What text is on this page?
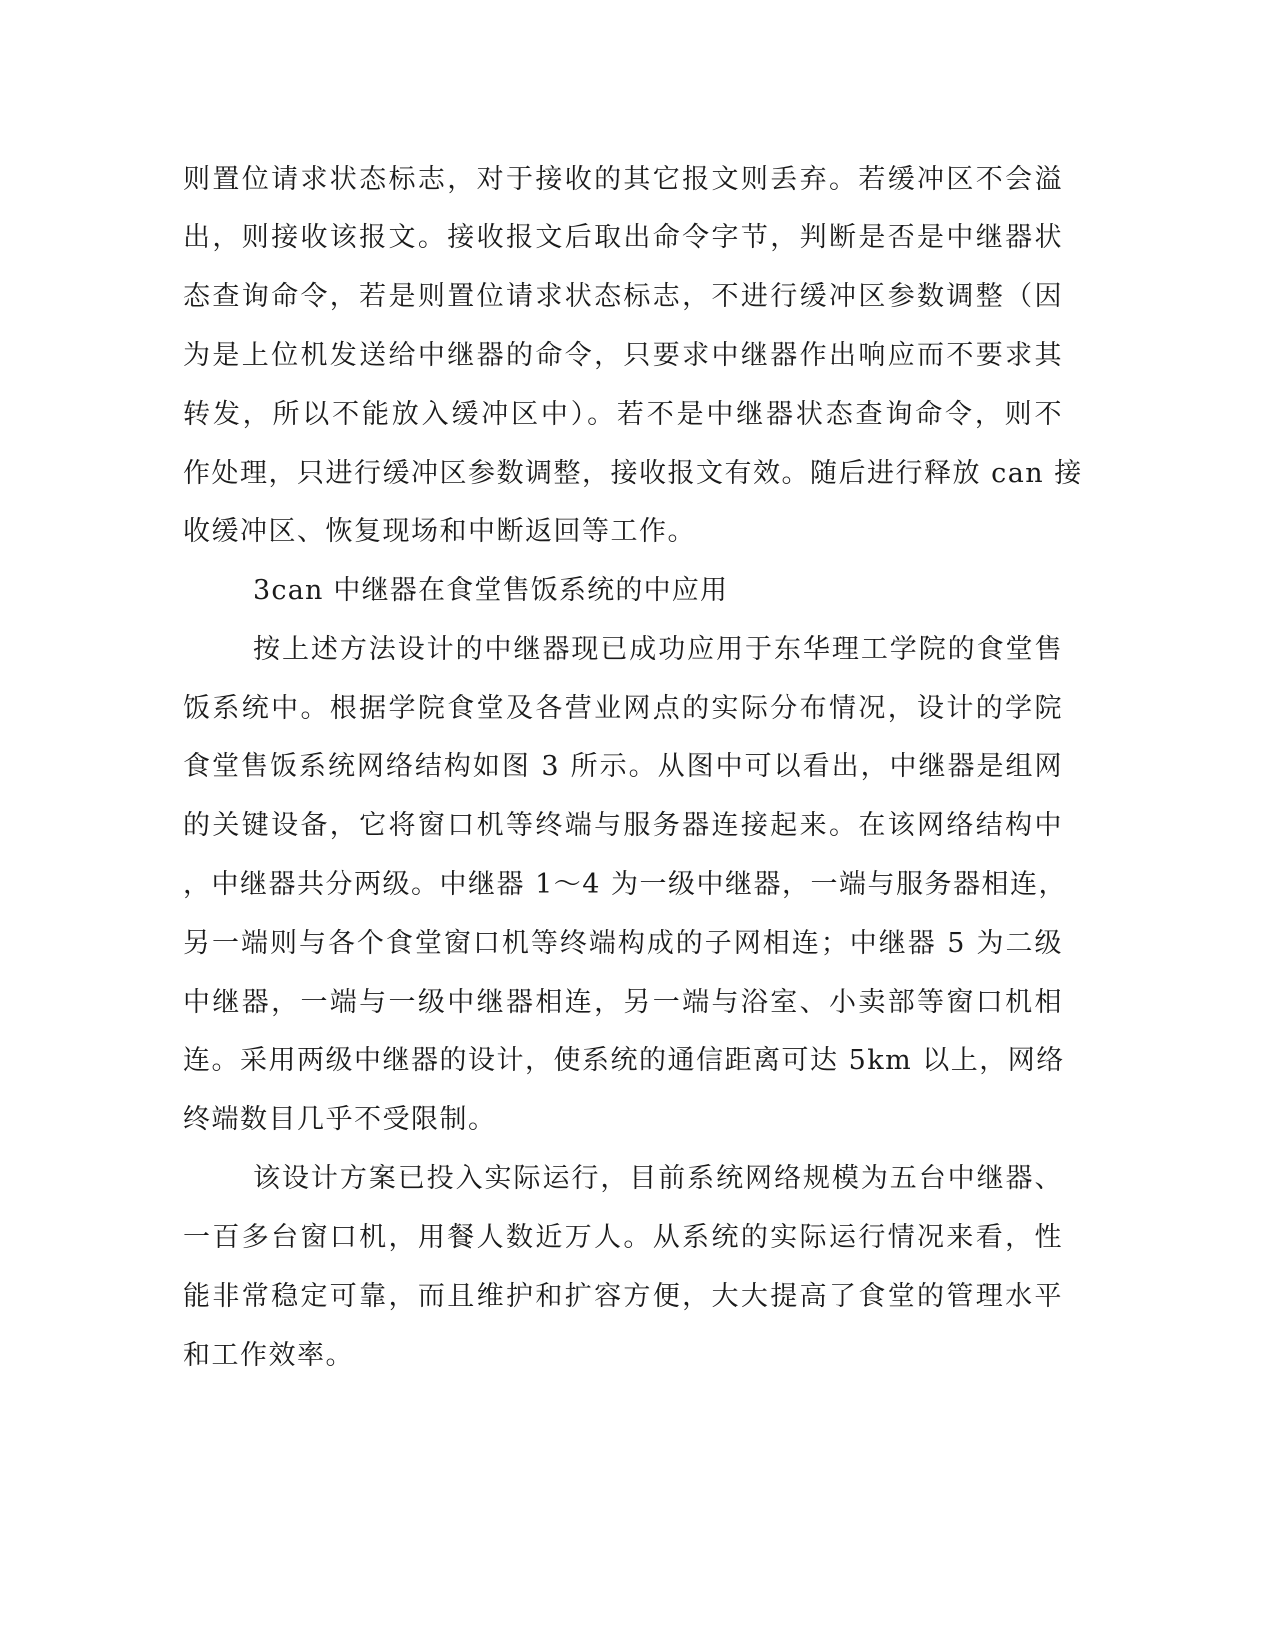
则置位请求状态标志，对于接收的其它报文则丢弃。若缓冲区不会溢
出，则接收该报文。接收报文后取出命令字节，判断是否是中继器状
态查询命令，若是则置位请求状态标志，不进行缓冲区参数调整（因
为是上位机发送给中继器的命令，只要求中继器作出响应而不要求其
转发，所以不能放入缓冲区中）。若不是中继器状态查询命令，则不
作处理，只进行缓冲区参数调整，接收报文有效。随后进行释放 can 接
收缓冲区、恢复现场和中断返回等工作。
3can 中继器在食堂售饭系统的中应用
按上述方法设计的中继器现已成功应用于东华理工学院的食堂售
饭系统中。根据学院食堂及各营业网点的实际分布情况，设计的学院
食堂售饭系统网络结构如图 3 所示。从图中可以看出，中继器是组网
的关键设备，它将窗口机等终端与服务器连接起来。在该网络结构中
，中继器共分两级。中继器 1～4 为一级中继器，一端与服务器相连，
另一端则与各个食堂窗口机等终端构成的子网相连；中继器 5 为二级
中继器，一端与一级中继器相连，另一端与浴室、小卖部等窗口机相
连。采用两级中继器的设计，使系统的通信距离可达 5km 以上，网络
终端数目几乎不受限制。
该设计方案已投入实际运行，目前系统网络规模为五台中继器、
一百多台窗口机，用餐人数近万人。从系统的实际运行情况来看，性
能非常稳定可靠，而且维护和扩容方便，大大提高了食堂的管理水平
和工作效率。
